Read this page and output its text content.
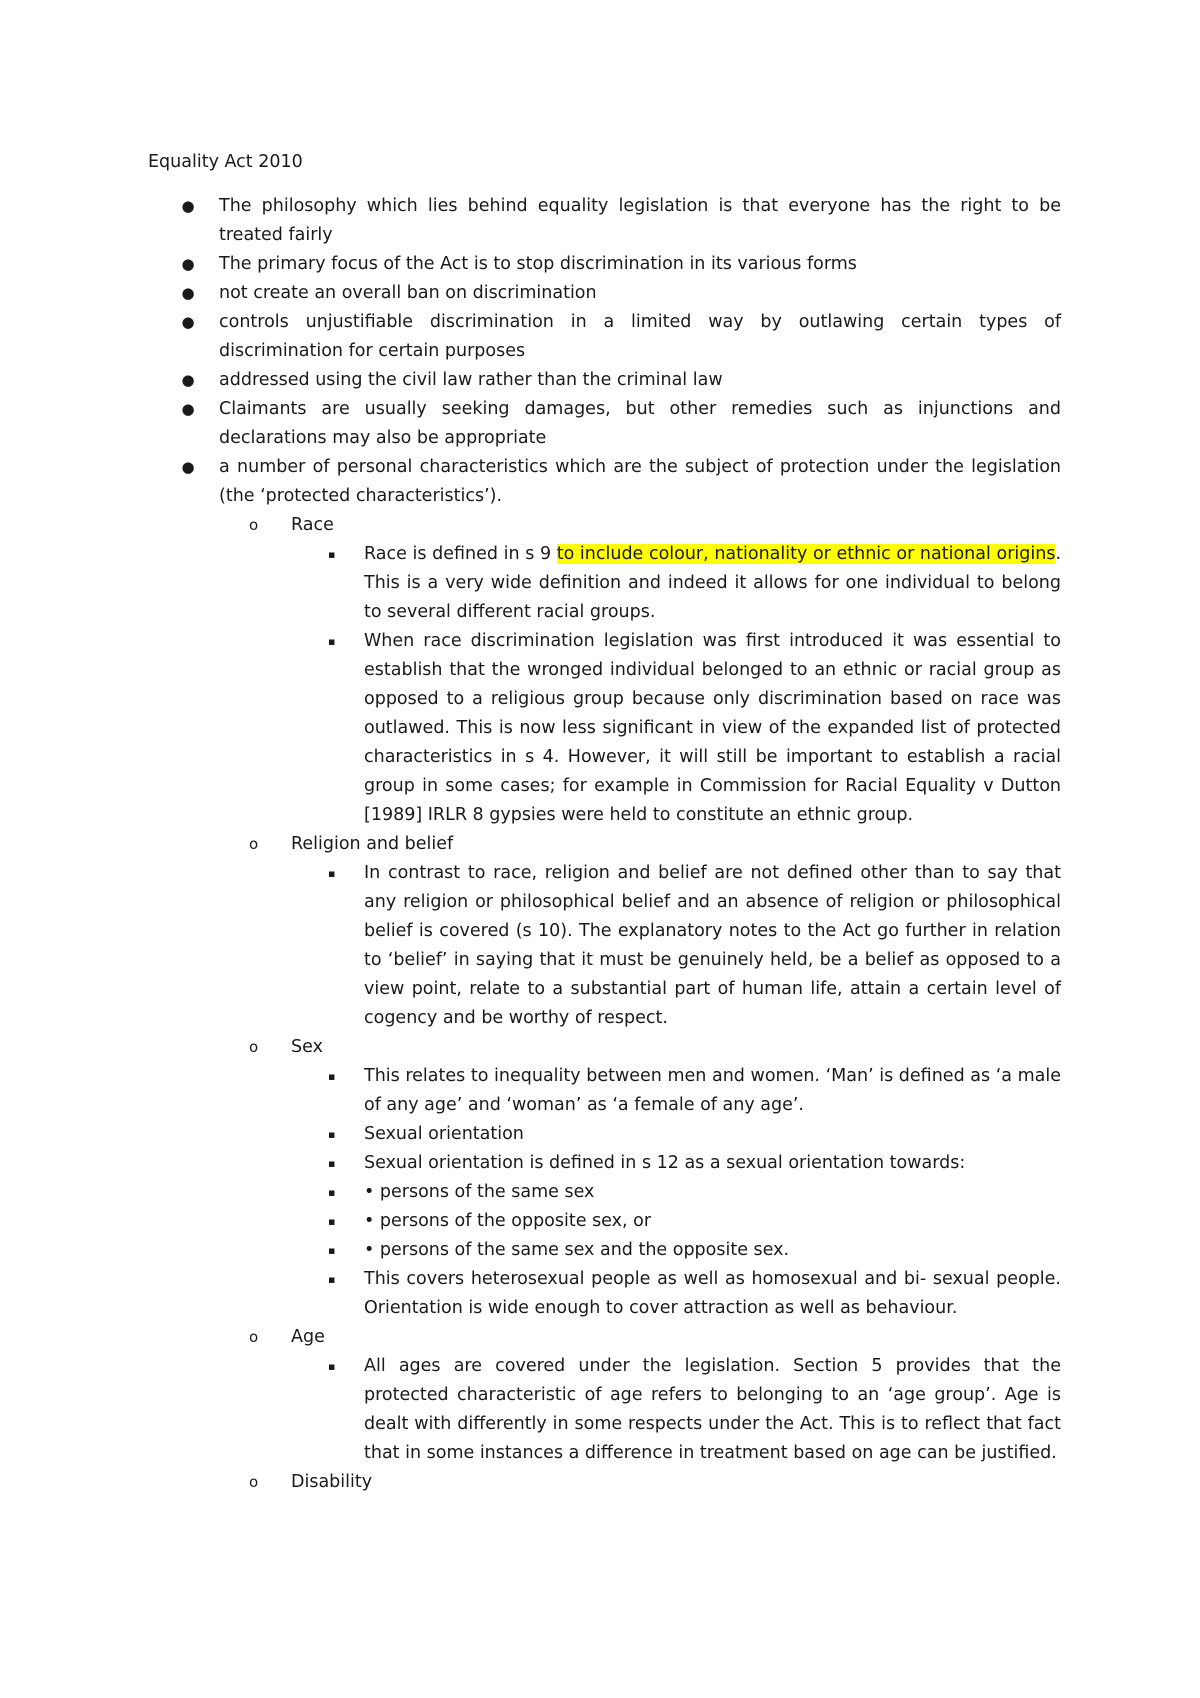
Equality Act 2010
● The philosophy which lies behind equality legislation is that everyone has the right to be treated fairly
● The primary focus of the Act is to stop discrimination in its various forms
● not create an overall ban on discrimination
● controls unjustifiable discrimination in a limited way by outlawing certain types of discrimination for certain purposes
● addressed using the civil law rather than the criminal law
● Claimants are usually seeking damages, but other remedies such as injunctions and declarations may also be appropriate
● a number of personal characteristics which are the subject of protection under the legislation (the ‘protected characteristics’).
o Race
▪ Race is defined in s 9 to include colour, nationality or ethnic or national origins. This is a very wide definition and indeed it allows for one individual to belong to several different racial groups.
▪ When race discrimination legislation was first introduced it was essential to establish that the wronged individual belonged to an ethnic or racial group as opposed to a religious group because only discrimination based on race was outlawed. This is now less significant in view of the expanded list of protected characteristics in s 4. However, it will still be important to establish a racial group in some cases; for example in Commission for Racial Equality v Dutton [1989] IRLR 8 gypsies were held to constitute an ethnic group.
o Religion and belief
▪ In contrast to race, religion and belief are not defined other than to say that any religion or philosophical belief and an absence of religion or philosophical belief is covered (s 10). The explanatory notes to the Act go further in relation to ‘belief’ in saying that it must be genuinely held, be a belief as opposed to a view point, relate to a substantial part of human life, attain a certain level of cogency and be worthy of respect.
o Sex
▪ This relates to inequality between men and women. ‘Man’ is defined as ‘a male of any age’ and ‘woman’ as ‘a female of any age’.
▪ Sexual orientation
▪ Sexual orientation is defined in s 12 as a sexual orientation towards:
▪ • persons of the same sex
▪ • persons of the opposite sex, or
▪ • persons of the same sex and the opposite sex.
▪ This covers heterosexual people as well as homosexual and bi- sexual people. Orientation is wide enough to cover attraction as well as behaviour.
o Age
▪ All ages are covered under the legislation. Section 5 provides that the protected characteristic of age refers to belonging to an ‘age group’. Age is dealt with differently in some respects under the Act. This is to reflect that fact that in some instances a difference in treatment based on age can be justified.
o Disability
